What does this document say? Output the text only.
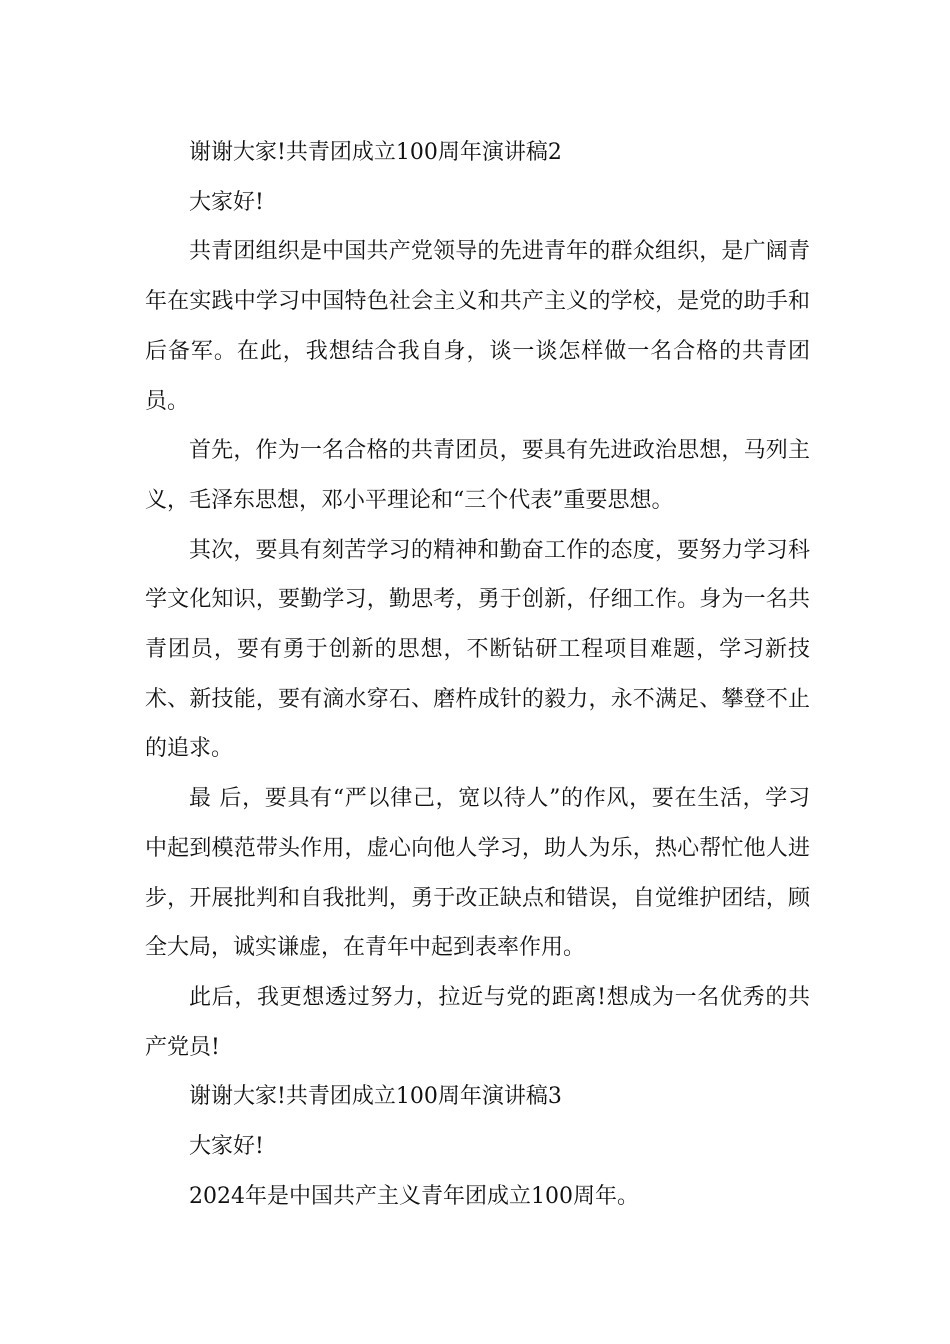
谢谢大家!共青团成立100周年演讲稿2

大家好!

共青团组织是中国共产党领导的先进青年的群众组织，是广阔青年在实践中学习中国特色社会主义和共产主义的学校，是党的助手和后备军。在此，我想结合我自身，谈一谈怎样做一名合格的共青团员。

首先，作为一名合格的共青团员，要具有先进政治思想，马列主义，毛泽东思想，邓小平理论和“三个代表”重要思想。

其次，要具有刻苦学习的精神和勤奋工作的态度，要努力学习科学文化知识，要勤学习，勤思考，勇于创新，仔细工作。身为一名共青团员，要有勇于创新的思想，不断钻研工程项目难题，学习新技术、新技能，要有滴水穿石、磨杵成针的毅力，永不满足、攀登不止的追求。

最 后，要具有“严以律己，宽以待人”的作风，要在生活，学习中起到模范带头作用，虚心向他人学习，助人为乐，热心帮忙他人进步，开展批判和自我批判，勇于改正缺点和错误，自觉维护团结，顾全大局，诚实谦虚，在青年中起到表率作用。

此后，我更想透过努力，拉近与党的距离!想成为一名优秀的共产党员!

谢谢大家!共青团成立100周年演讲稿3

大家好!

2024年是中国共产主义青年团成立100周年。
